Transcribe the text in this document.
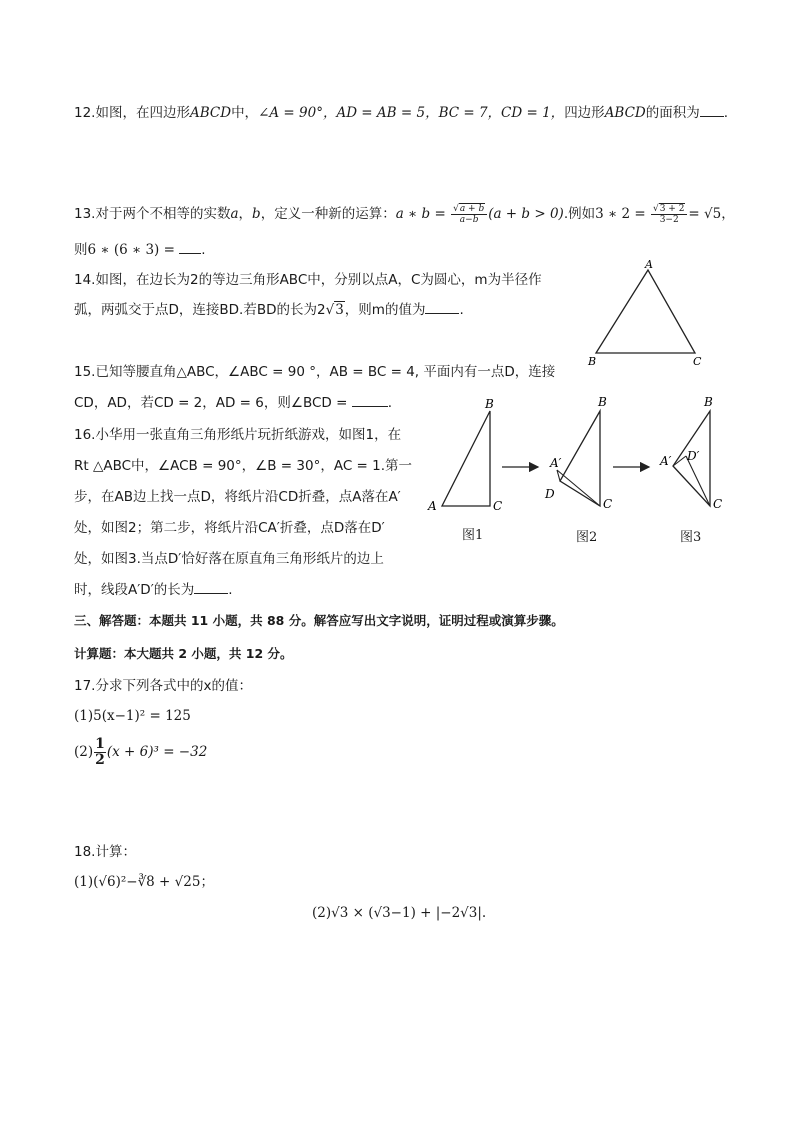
12.如图，在四边形ABCD中，∠A = 90°，AD = AB = 5，BC = 7，CD = 1，四边形ABCD的面积为 .
13.对于两个不相等的实数a，b，定义一种新的运算：a ∗ $b = \frac{√a + b}{a-b} (a + b > 0)$.例如3 ∗ $2 = \frac{√3 + 2}{3-2} = √5$，
则6 ∗ (6 ∗ 3) = .
14.如图，在边长为2的等边三角形ABC中，分别以点A，C为圆心，m为半径作
弧，两弧交于点D，连接BD.若BD的长为2√3，则m的值为	.
A
B	C
15.已知等腰直角△ABC，∠ABC = 90 °，AB = BC = 4, 平面内有一点D，连接
CD，AD，若CD = 2，AD = 6，则∠BCD =	.
16.小华用一张直角三角形纸片玩折纸游戏，如图1，在
Rt △ABC中，∠ACB = 90°，∠B = 30°，AC = 1.第一
步，在AB边上找一点D，将纸片沿CD折叠，点A落在A′
处，如图2；第二步，将纸片沿CA′折叠，点D落在D′
处，如图3.当点D′恰好落在原直角三角形纸片的边上
时，线段A′D′的长为	.
B
A	C
B
A′
D
C
B
A′ D′
C
图1	图2	图3
三、解答题：本题共 11 小题，共 88 分。解答应写出文字说明，证明过程或演算步骤。
计算题：本大题共 2 小题，共 12 分。
17.分求下列各式中的x的值：
(1)5(x−1)² = 125
$(2) \frac{1}{2} (x + 6)^3 = -32$
18.计算：
(1)(√6)²−∛8 + √25；
(2)√3 × (√3−1) + |−2√3|.
